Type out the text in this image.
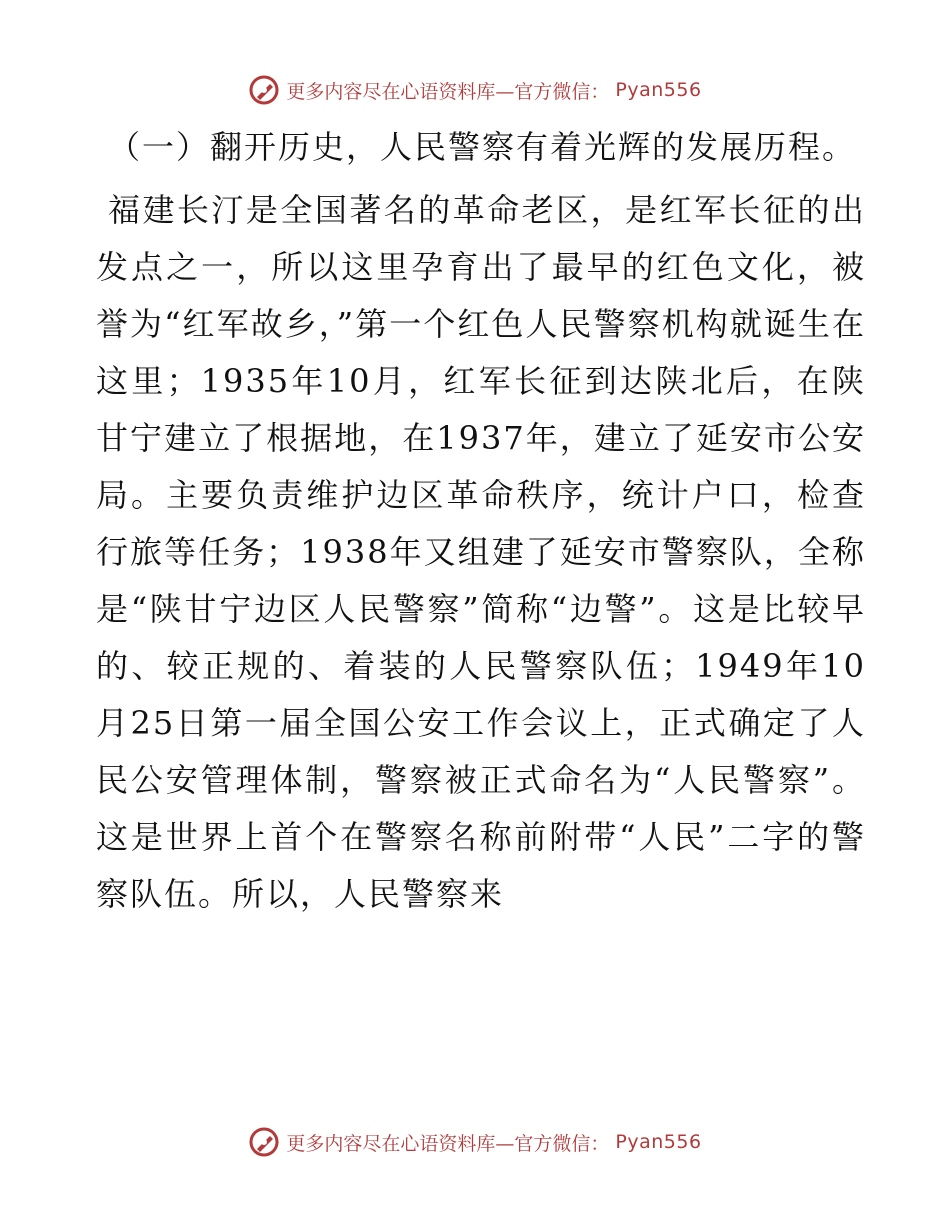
更多内容尽在心语资料库—官方微信： Pyan556
（一）翻开历史，人民警察有着光辉的发展历程。

福建长汀是全国著名的革命老区，是红军长征的出发点之一，所以这里孕育出了最早的红色文化，被誉为“红军故乡，”第一个红色人民警察机构就诞生在这里；1935年10月，红军长征到达陕北后，在陕甘宁建立了根据地，在1937年，建立了延安市公安局。主要负责维护边区革命秩序，统计户口，检查行旅等任务；1938年又组建了延安市警察队，全称是“陕甘宁边区人民警察”简称“边警”。这是比较早的、较正规的、着装的人民警察队伍；1949年10月25日第一届全国公安工作会议上，正式确定了人民公安管理体制，警察被正式命名为“人民警察”。这是世界上首个在警察名称前附带“人民”二字的警察队伍。所以，人民警察来

更多内容尽在心语资料库—官方微信： Pyan556
